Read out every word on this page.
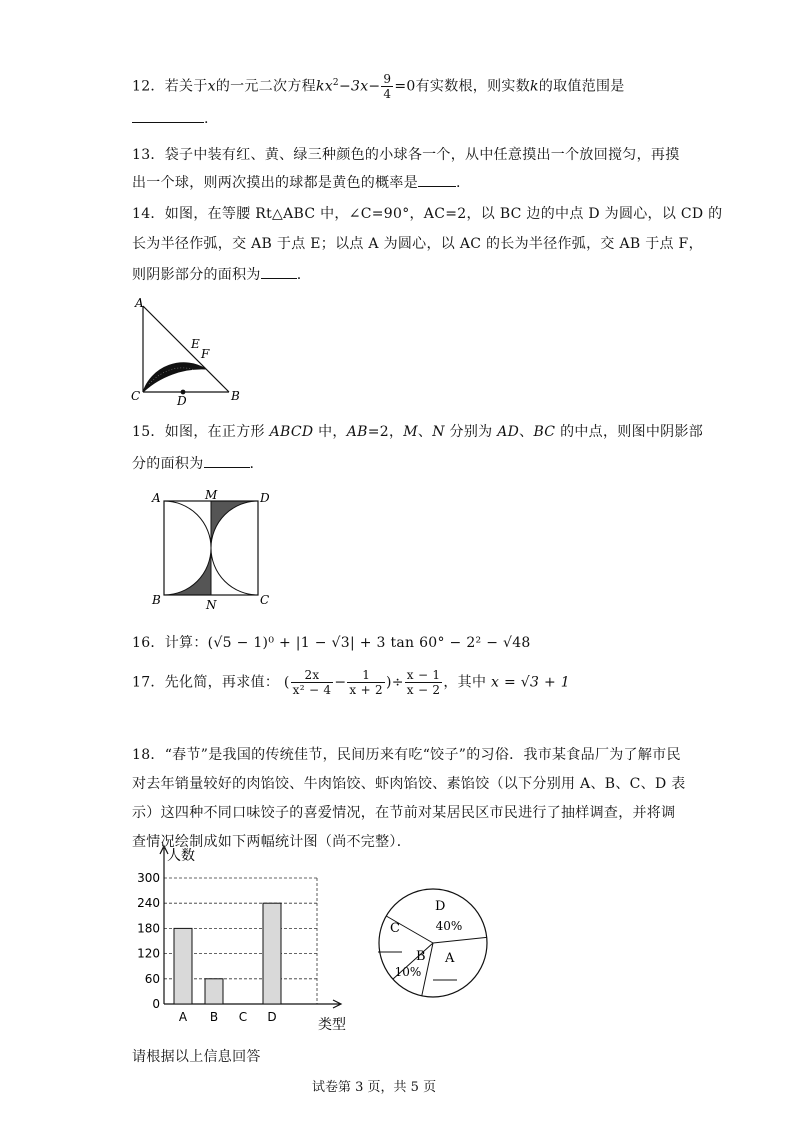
12．若关于x的一元二次方程$kx^2-3x- \frac{9}{4} =0$有实数根，则实数k的取值范围是
.
13．袋子中装有红、黄、绿三种颜色的小球各一个，从中任意摸出一个放回搅匀，再摸
出一个球，则两次摸出的球都是黄色的概率是	.
14．如图，在等腰 Rt△ABC 中，∠C=90°，AC=2，以 BC 边的中点 D 为圆心，以 CD 的
长为半径作弧，交 AB 于点 E；以点 A 为圆心，以 AC 的长为半径作弧，交 AB 于点 F，
则阴影部分的面积为	.
A
B
C	D
E
F
15．如图，在正方形 ABCD 中，AB=2，M、N 分别为 AD、BC 的中点，则图中阴影部
分的面积为	.
A	M	D
B	N	C
16．计算：(√5 − 1)⁰ + |1 − √3| + 3 tan 60° − 2² − √48
17．先化简，再求值： ( $\frac{2x}{\text{x² − 4}} - \frac{1}{x + 2}$ )÷ $\frac{x - 1}{x - 2}$ ，其中 x = √3 + 1
18．“春节”是我国的传统佳节，民间历来有吃“饺子”的习俗．我市某食品厂为了解市民
对去年销量较好的肉馅饺、牛肉馅饺、虾肉馅饺、素馅饺（以下分别用 A、B、C、D 表
示）这四种不同口味饺子的喜爱情况，在节前对某居民区市民进行了抽样调查，并将调
查情况绘制成如下两幅统计图（尚不完整）．
0
60
120
180
240
300
人数
类型
A B C D
D
40%
A
B
10%
C
请根据以上信息回答
试卷第 3 页，共 5 页
